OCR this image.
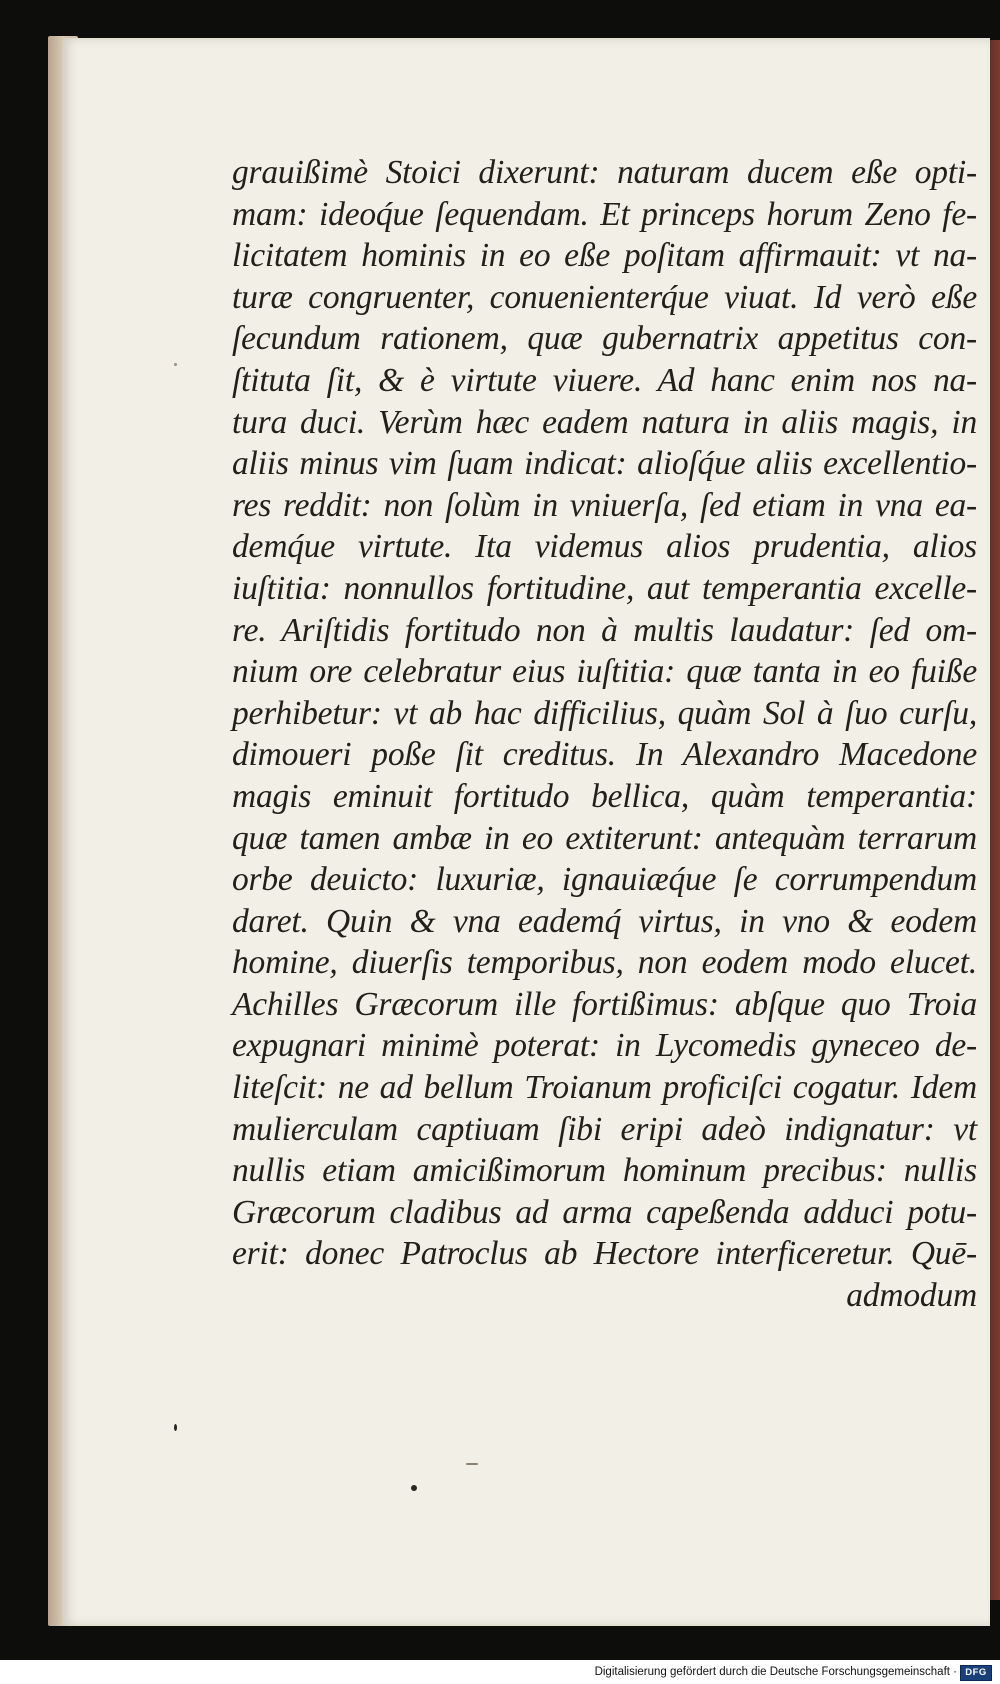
grauißimè Stoici dixerunt: naturam ducem eße opti-
mam: ideoq́ue ſequendam. Et princeps horum Zeno fe-
licitatem hominis in eo eße poſitam affirmauit: vt na-
turæ congruenter, conuenienterq́ue viuat. Id verò eße
ſecundum rationem, quæ gubernatrix appetitus con-
ſtituta ſit, & è virtute viuere. Ad hanc enim nos na-
tura duci. Verùm hæc eadem natura in aliis magis, in
aliis minus vim ſuam indicat: alioſq́ue aliis excellentio-
res reddit: non ſolùm in vniuerſa, ſed etiam in vna ea-
demq́ue virtute. Ita videmus alios prudentia, alios
iuſtitia: nonnullos fortitudine, aut temperantia excelle-
re. Ariſtidis fortitudo non à multis laudatur: ſed om-
nium ore celebratur eius iuſtitia: quæ tanta in eo fuiße
perhibetur: vt ab hac difficilius, quàm Sol à ſuo curſu,
dimoueri poße ſit creditus. In Alexandro Macedone
magis eminuit fortitudo bellica, quàm temperantia:
quæ tamen ambæ in eo extiterunt: antequàm terrarum
orbe deuicto: luxuriæ, ignauiæq́ue ſe corrumpendum
daret. Quin & vna eademq́ virtus, in vno & eodem
homine, diuerſis temporibus, non eodem modo elucet.
Achilles Græcorum ille fortißimus: abſque quo Troia
expugnari minimè poterat: in Lycomedis gyneceo de-
liteſcit: ne ad bellum Troianum proficiſci cogatur. Idem
mulierculam captiuam ſibi eripi adeò indignatur: vt
nullis etiam amicißimorum hominum precibus: nullis
Græcorum cladibus ad arma capeßenda adduci potu-
erit: donec Patroclus ab Hectore interficeretur. Quē-
admodum
Digitalisierung gefördert durch die Deutsche Forschungsgemeinschaft · DFG
